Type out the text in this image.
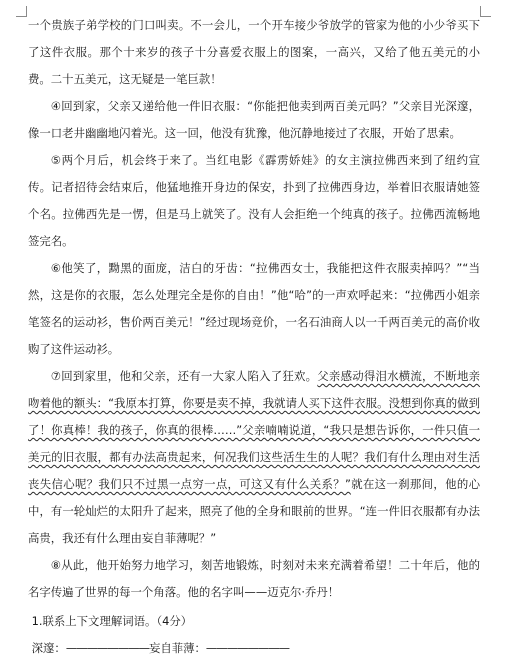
一个贵族子弟学校的门口叫卖。不一会儿，一个开车接少爷放学的管家为他的小少爷买下了这件衣服。那个十来岁的孩子十分喜爱衣服上的图案，一高兴，又给了他五美元的小费。二十五美元，这无疑是一笔巨款！

④回到家，父亲又递给他一件旧衣服：“你能把他卖到两百美元吗？”父亲目光深邃，像一口老井幽幽地闪着光。这一回，他没有犹豫，他沉静地接过了衣服，开始了思索。

⑤两个月后，机会终于来了。当红电影《霹雳娇娃》的女主演拉佛西来到了纽约宣传。记者招待会结束后，他猛地推开身边的保安，扑到了拉佛西身边，举着旧衣服请她签个名。拉佛西先是一愣，但是马上就笑了。没有人会拒绝一个纯真的孩子。拉佛西流畅地签完名。

⑥他笑了，黝黑的面庞，洁白的牙齿：“拉佛西女士，我能把这件衣服卖掉吗？”“当然，这是你的衣服，怎么处理完全是你的自由！”他“哈”的一声欢呼起来：“拉佛西小姐亲笔签名的运动衫，售价两百美元！”经过现场竞价，一名石油商人以一千两百美元的高价收购了这件运动衫。

⑦回到家里，他和父亲，还有一大家人陷入了狂欢。父亲感动得泪水横流，不断地亲吻着他的额头：“我原本打算，你要是卖不掉，我就请人买下这件衣服。没想到你真的做到了！你真棒！我的孩子，你真的很棒……”父亲喃喃说道，“我只是想告诉你，一件只值一美元的旧衣服，都有办法高贵起来，何况我们这些活生生的人呢？我们有什么理由对生活丧失信心呢？我们只不过黑一点穷一点，可这又有什么关系？”就在这一刹那间，他的心中，有一轮灿烂的太阳升了起来，照亮了他的全身和眼前的世界。“连一件旧衣服都有办法高贵，我还有什么理由妄自菲薄呢？”

⑧从此，他开始努力地学习，刻苦地锻炼，时刻对未来充满着希望！二十年后，他的名字传遍了世界的每一个角落。他的名字叫——迈克尔·乔丹！

1.联系上下文理解词语。（4分）

深邃：————————妄自菲薄：————————
